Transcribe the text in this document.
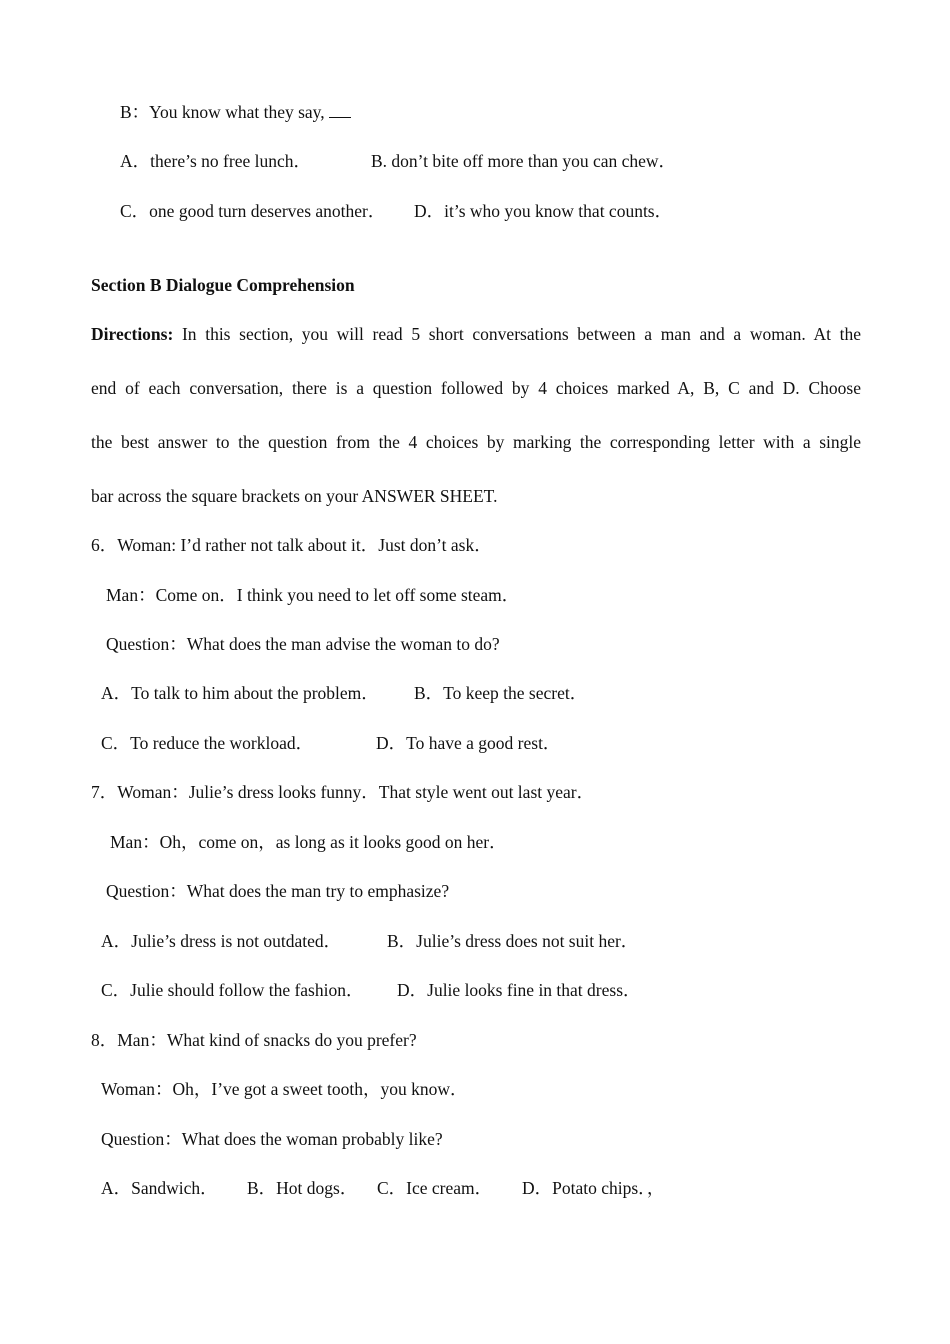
B：You know what they say,
A．there’s no free lunch．	B. don’t bite off more than you can chew．
C．one good turn deserves another． D．it’s who you know that counts．
Section B Dialogue Comprehension
Directions: In this section, you will read 5 short conversations between a man and a woman. At the
end of each conversation, there is a question followed by 4 choices marked A, B, C and D. Choose
the best answer to the question from the 4 choices by marking the corresponding letter with a single
bar across the square brackets on your ANSWER SHEET.
6．Woman: I’d rather not talk about it．Just don’t ask．
Man：Come on．I think you need to let off some steam．
Question：What does the man advise the woman to do?
A．To talk to him about the problem． B．To keep the secret．
C．To reduce the workload．	D．To have a good rest．
7．Woman：Julie’s dress looks funny．That style went out last year．
Man：Oh，come on，as long as it looks good on her．
Question：What does the man try to emphasize?
A．Julie’s dress is not outdated．	B．Julie’s dress does not suit her．
C．Julie should follow the fashion． D．Julie looks fine in that dress．
8．Man：What kind of snacks do you prefer?
Woman：Oh，I’ve got a sweet tooth，you know．
Question：What does the woman probably like?
A．Sandwich． B．Hot dogs． C．Ice cream． D．Potato chips．，
